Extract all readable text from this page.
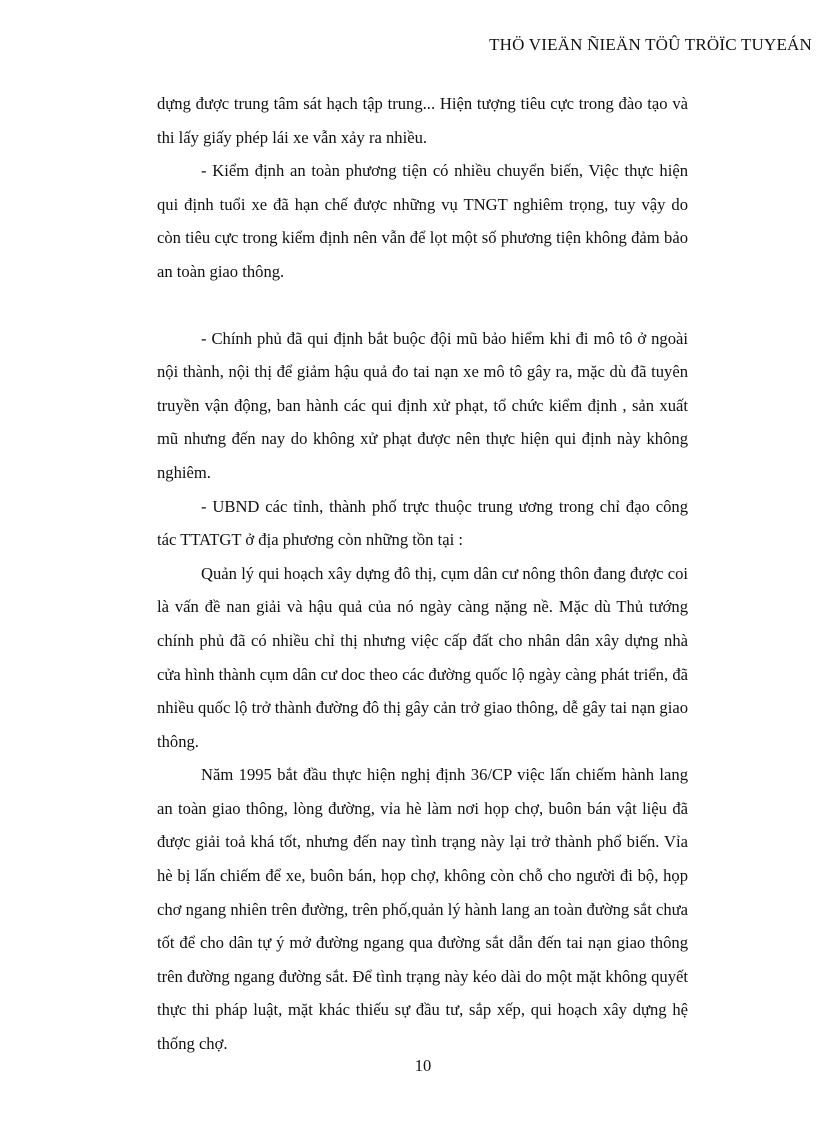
THÖ VIEÄN ÑIEÄN TÖÛ TRÖÏC TUYEÁN

dựng được trung tâm sát hạch tập trung... Hiện tượng tiêu cực trong đào tạo và thi lấy giấy phép lái xe vẫn xảy ra nhiều.

- Kiểm định an toàn phương tiện có nhiều chuyển biến, Việc thực hiện qui định tuổi xe đã hạn chế được những vụ TNGT nghiêm trọng, tuy vậy do còn tiêu cực trong kiểm định nên vẫn để lọt một số phương tiện không đảm bảo an toàn giao thông.

- Chính phủ đã qui định bắt buộc đội mũ bảo hiểm khi đi mô tô ở ngoài nội thành, nội thị để giảm hậu quả đo tai nạn xe mô tô gây ra, mặc dù đã tuyên truyền vận động, ban hành các qui định xử phạt, tổ chức kiểm định , sản xuất mũ nhưng đến nay do không xử phạt được nên thực hiện qui định này không nghiêm.

- UBND các tỉnh, thành phố trực thuộc trung ương trong chỉ đạo công tác TTATGT ở địa phương còn những tồn tại :

Quản lý qui hoạch xây dựng đô thị, cụm dân cư nông thôn đang được coi là vấn đề nan giải và hậu quả của nó ngày càng nặng nề. Mặc dù Thủ tướng chính phủ đã có nhiều chỉ thị nhưng việc cấp đất cho nhân dân xây dựng nhà cửa hình thành cụm dân cư doc theo các đường quốc lộ ngày càng phát triển, đã nhiều quốc lộ trở thành đường đô thị gây cản trở giao thông, dễ gây tai nạn giao thông.

Năm 1995 bắt đầu thực hiện nghị định 36/CP việc lấn chiếm hành lang an toàn giao thông, lòng đường, vỉa hè làm nơi họp chợ, buôn bán vật liệu đã được giải toả khá tốt, nhưng đến nay tình trạng này lại trở thành phổ biến. Vỉa hè bị lấn chiếm để xe, buôn bán, họp chợ, không còn chỗ cho người đi bộ, họp chơ ngang nhiên trên đường, trên phố,quản lý hành lang an toàn đường sắt chưa tốt để cho dân tự ý mở đường ngang qua đường sắt dẫn đến tai nạn giao thông trên đường ngang đường sắt. Để tình trạng này kéo dài do một mặt không quyết thực thi pháp luật, mặt khác thiếu sự đầu tư, sắp xếp, qui hoạch xây dựng hệ thống chợ.

10
